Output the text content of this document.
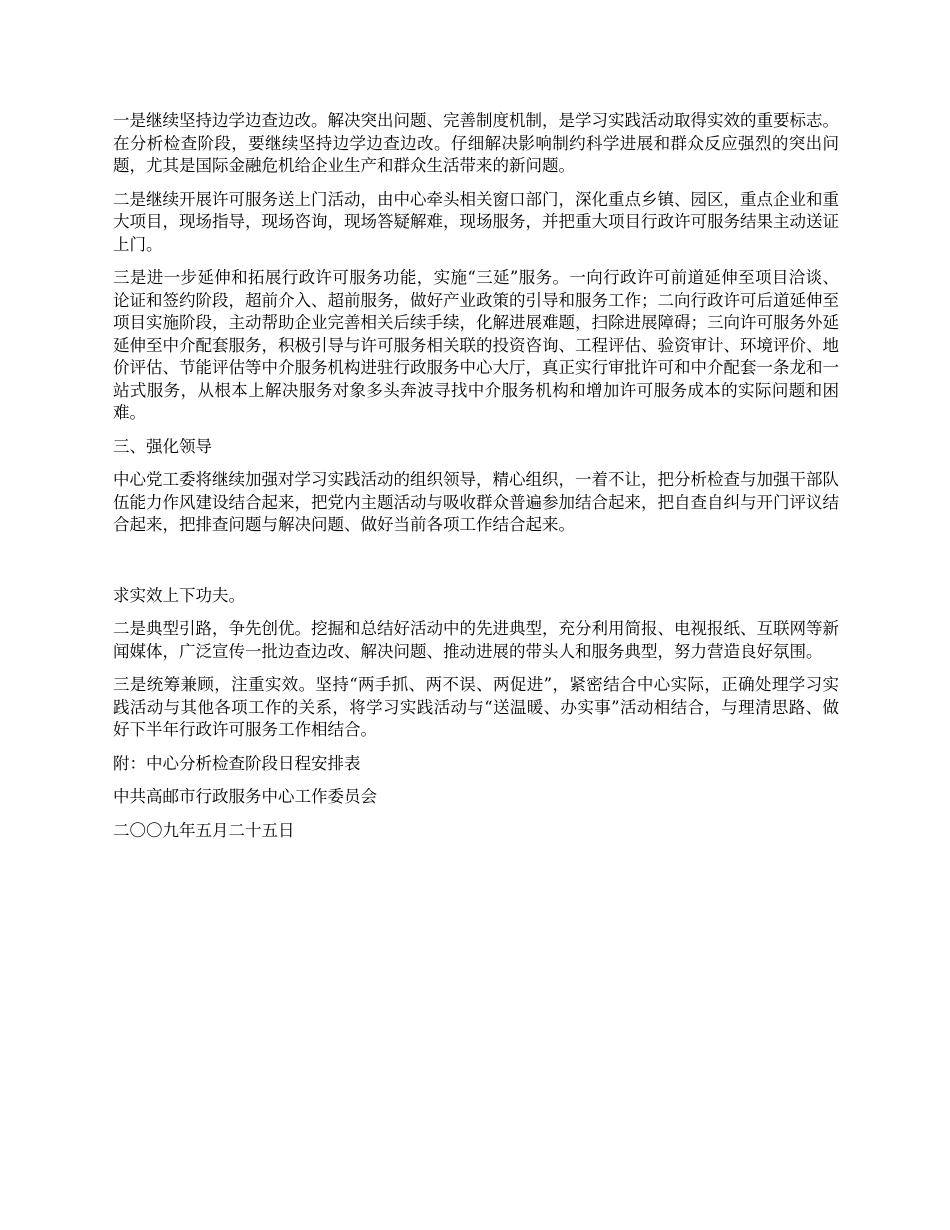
一是继续坚持边学边查边改。解决突出问题、完善制度机制，是学习实践活动取得实效的重要标志。在分析检查阶段，要继续坚持边学边查边改。仔细解决影响制约科学进展和群众反应强烈的突出问题，尤其是国际金融危机给企业生产和群众生活带来的新问题。

二是继续开展许可服务送上门活动，由中心牵头相关窗口部门，深化重点乡镇、园区，重点企业和重大项目，现场指导，现场咨询，现场答疑解难，现场服务，并把重大项目行政许可服务结果主动送证上门。

三是进一步延伸和拓展行政许可服务功能，实施“三延”服务。一向行政许可前道延伸至项目洽谈、论证和签约阶段，超前介入、超前服务，做好产业政策的引导和服务工作；二向行政许可后道延伸至项目实施阶段，主动帮助企业完善相关后续手续，化解进展难题，扫除进展障碍；三向许可服务外延延伸至中介配套服务，积极引导与许可服务相关联的投资咨询、工程评估、验资审计、环境评价、地价评估、节能评估等中介服务机构进驻行政服务中心大厅，真正实行审批许可和中介配套一条龙和一站式服务，从根本上解决服务对象多头奔波寻找中介服务机构和增加许可服务成本的实际问题和困难。

三、强化领导

中心党工委将继续加强对学习实践活动的组织领导，精心组织，一着不让，把分析检查与加强干部队伍能力作风建设结合起来，把党内主题活动与吸收群众普遍参加结合起来，把自查自纠与开门评议结合起来，把排查问题与解决问题、做好当前各项工作结合起来。

求实效上下功夫。

二是典型引路，争先创优。挖掘和总结好活动中的先进典型，充分利用简报、电视报纸、互联网等新闻媒体，广泛宣传一批边查边改、解决问题、推动进展的带头人和服务典型，努力营造良好氛围。

三是统筹兼顾，注重实效。坚持“两手抓、两不误、两促进”，紧密结合中心实际，正确处理学习实践活动与其他各项工作的关系，将学习实践活动与“送温暖、办实事”活动相结合，与理清思路、做好下半年行政许可服务工作相结合。

附：中心分析检查阶段日程安排表

中共高邮市行政服务中心工作委员会

二〇〇九年五月二十五日
